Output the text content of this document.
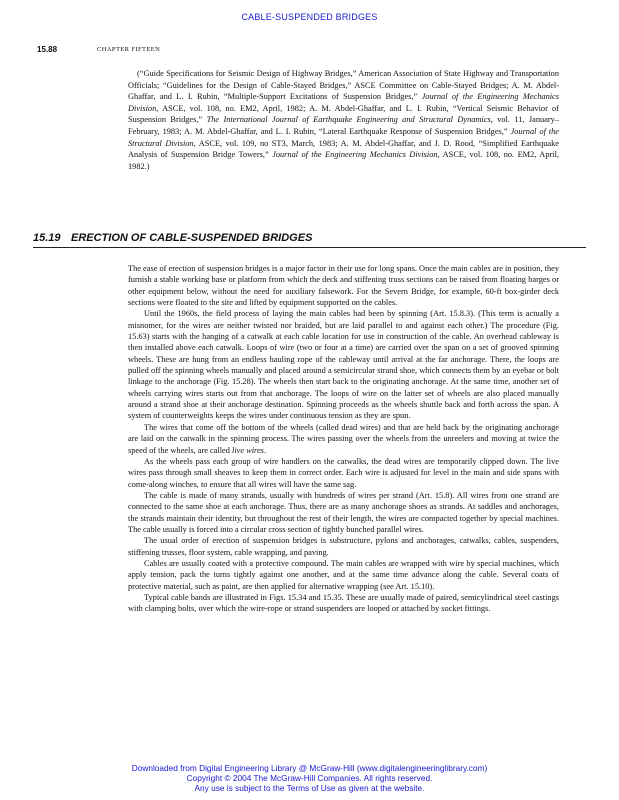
CABLE-SUSPENDED BRIDGES
15.88	CHAPTER FIFTEEN

(“Guide Specifications for Seismic Design of Highway Bridges,” American Association of State Highway and Transportation Officials; “Guidelines for the Design of Cable-Stayed Bridges,” ASCE Committee on Cable-Stayed Bridges; A. M. Abdel-Ghaffar, and L. I. Rubin, “Multiple-Support Excitations of Suspension Bridges,” Journal of the Engineering Mechanics Division, ASCE, vol. 108, no. EM2, April, 1982; A. M. Abdel-Ghaffar, and L. I. Rubin, “Vertical Seismic Behavior of Suspension Bridges,” The International Journal of Earthquake Engineering and Structural Dynamics, vol. 11, January–February, 1983; A. M. Abdel-Ghaffar, and L. I. Rubin, “Lateral Earthquake Response of Suspension Bridges,” Journal of the Structural Division, ASCE, vol. 109, no ST3, March, 1983; A. M. Abdel-Ghaffar, and J. D. Rood, “Simplified Earthquake Analysis of Suspension Bridge Towers,” Journal of the Engineering Mechanics Division, ASCE, vol. 108, no. EM2, April, 1982.)

15.19 ERECTION OF CABLE-SUSPENDED BRIDGES

The ease of erection of suspension bridges is a major factor in their use for long spans. Once the main cables are in position, they furnish a stable working base or platform from which the deck and stiffening truss sections can be raised from floating barges or other equipment below, without the need for auxiliary falsework. For the Severn Bridge, for example, 60-ft box-girder deck sections were floated to the site and lifted by equipment supported on the cables.

Until the 1960s, the field process of laying the main cables had been by spinning (Art. 15.8.3). (This term is actually a misnomer, for the wires are neither twisted nor braided, but are laid parallel to and against each other.) The procedure (Fig. 15.63) starts with the hanging of a catwalk at each cable location for use in construction of the cable. An overhead cableway is then installed above each catwalk. Loops of wire (two or four at a time) are carried over the span on a set of grooved spinning wheels. These are hung from an endless hauling rope of the cableway until arrival at the far anchorage. There, the loops are pulled off the spinning wheels manually and placed around a semicircular strand shoe, which connects them by an eyebar or bolt linkage to the anchorage (Fig. 15.28). The wheels then start back to the originating anchorage. At the same time, another set of wheels carrying wires starts out from that anchorage. The loops of wire on the latter set of wheels are also placed manually around a strand shoe at their anchorage destination. Spinning proceeds as the wheels shuttle back and forth across the span. A system of counterweights keeps the wires under continuous tension as they are spun.

The wires that come off the bottom of the wheels (called dead wires) and that are held back by the originating anchorage are laid on the catwalk in the spinning process. The wires passing over the wheels from the unreelers and moving at twice the speed of the wheels, are called live wires.

As the wheels pass each group of wire handlers on the catwalks, the dead wires are temporarily clipped down. The live wires pass through small sheaves to keep them in correct order. Each wire is adjusted for level in the main and side spans with come-along winches, to ensure that all wires will have the same sag.

The cable is made of many strands, usually with hundreds of wires per strand (Art. 15.8). All wires from one strand are connected to the same shoe at each anchorage. Thus, there are as many anchorage shoes as strands. At saddles and anchorages, the strands maintain their identity, but throughout the rest of their length, the wires are compacted together by special machines. The cable usually is forced into a circular cross section of tightly bunched parallel wires.

The usual order of erection of suspension bridges is substructure, pylons and anchorages, catwalks, cables, suspenders, stiffening trusses, floor system, cable wrapping, and paving.

Cables are usually coated with a protective compound. The main cables are wrapped with wire by special machines, which apply tension, pack the turns tightly against one another, and at the same time advance along the cable. Several coats of protective material, such as paint, are then applied for alternative wrapping (see Art. 15.10).

Typical cable bands are illustrated in Figs. 15.34 and 15.35. These are usually made of paired, semicylindrical steel castings with clamping bolts, over which the wire-rope or strand suspenders are looped or attached by socket fittings.

Downloaded from Digital Engineering Library @ McGraw-Hill (www.digitalengineeringlibrary.com)
Copyright © 2004 The McGraw-Hill Companies. All rights reserved.
Any use is subject to the Terms of Use as given at the website.
